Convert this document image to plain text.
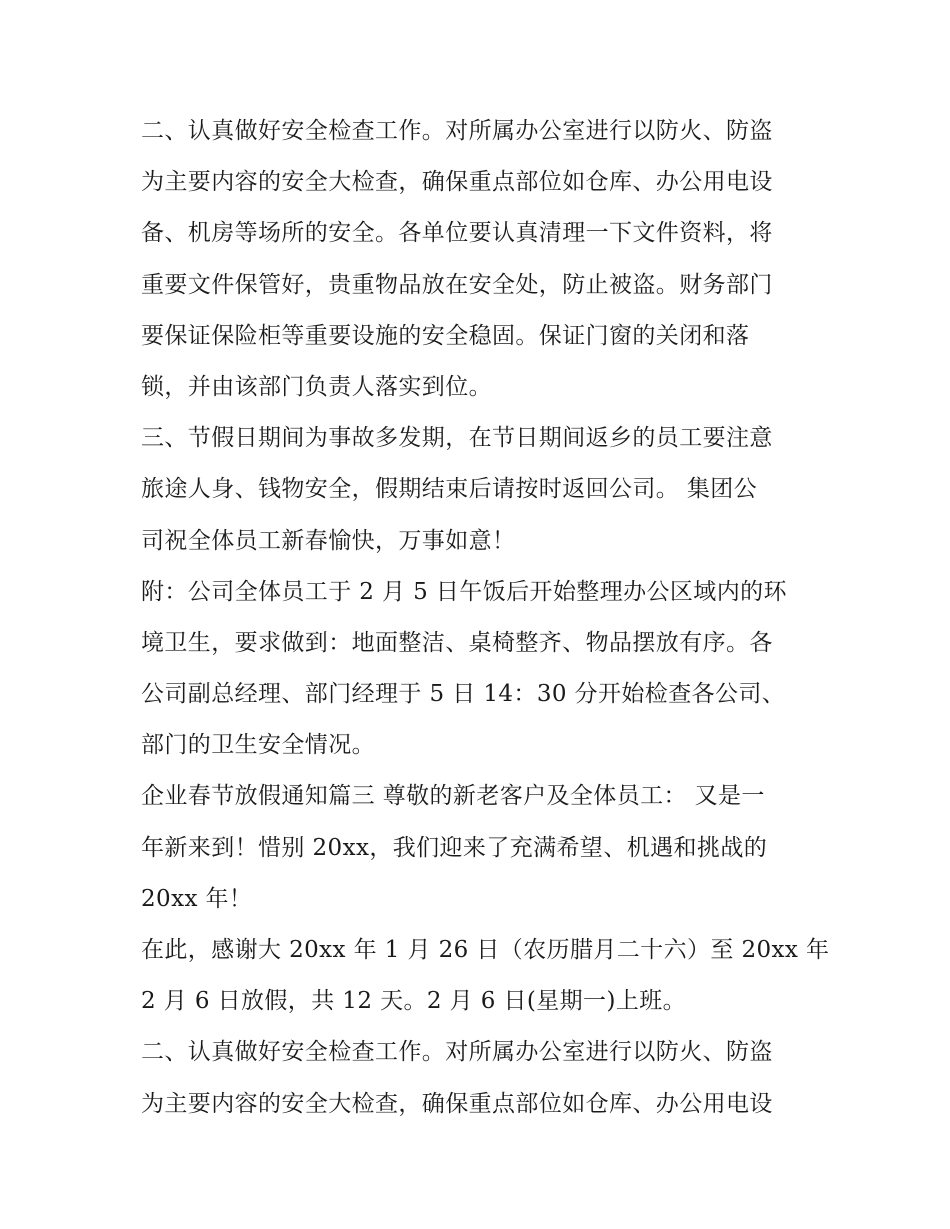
二、认真做好安全检查工作。对所属办公室进行以防火、防盗
为主要内容的安全大检查，确保重点部位如仓库、办公用电设
备、机房等场所的安全。各单位要认真清理一下文件资料，将
重要文件保管好，贵重物品放在安全处，防止被盗。财务部门
要保证保险柜等重要设施的安全稳固。保证门窗的关闭和落
锁，并由该部门负责人落实到位。
三、节假日期间为事故多发期，在节日期间返乡的员工要注意
旅途人身、钱物安全，假期结束后请按时返回公司。 集团公
司祝全体员工新春愉快，万事如意！
附：公司全体员工于 2 月 5 日午饭后开始整理办公区域内的环
境卫生，要求做到：地面整洁、桌椅整齐、物品摆放有序。各
公司副总经理、部门经理于 5 日 14：30 分开始检查各公司、
部门的卫生安全情况。
企业春节放假通知篇三 尊敬的新老客户及全体员工： 又是一
年新来到！惜别 20xx，我们迎来了充满希望、机遇和挑战的
20xx 年！
在此，感谢大 20xx 年 1 月 26 日（农历腊月二十六）至 20xx 年
2 月 6 日放假，共 12 天。2 月 6 日(星期一)上班。
二、认真做好安全检查工作。对所属办公室进行以防火、防盗
为主要内容的安全大检查，确保重点部位如仓库、办公用电设
